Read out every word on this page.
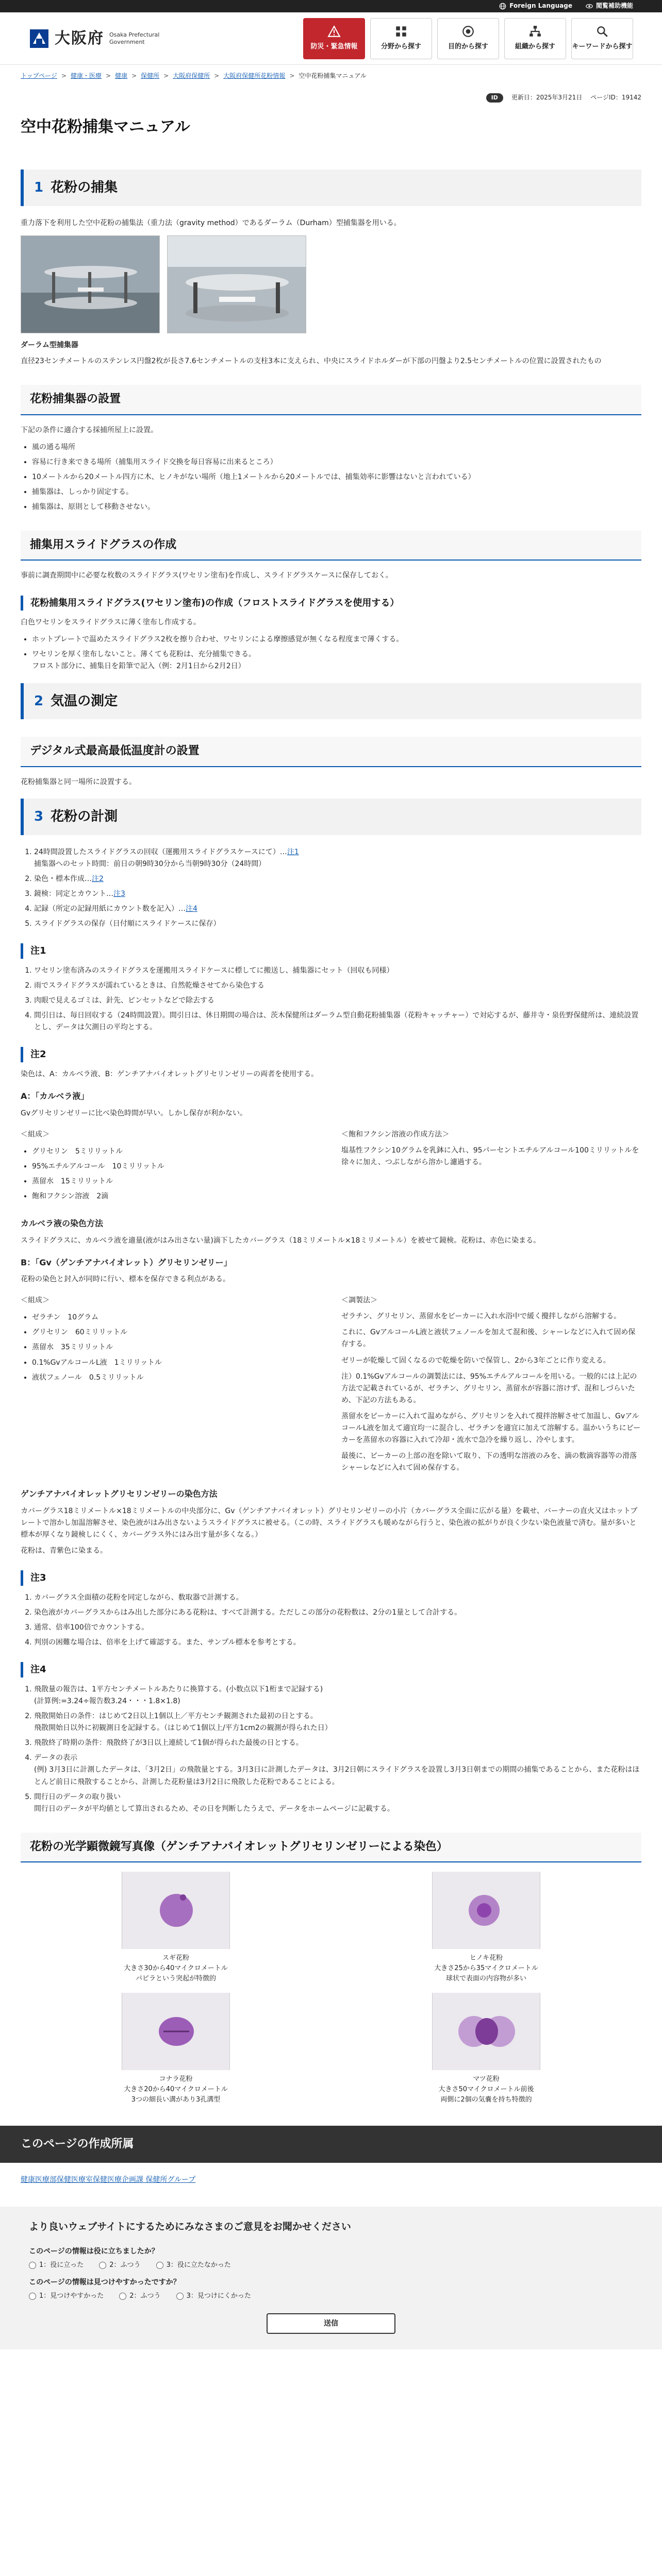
Foreign Language	閲覧補助機能
大阪府 Osaka Prefectural Government
防災・緊急情報	分野から探す	目的から探す	組織から探す キーワードから探す
トップページ > 健康・医療 > 健康 > 保健所 > 大阪府保健所 > 大阪府保健所花粉情報 > 空中花粉捕集マニュアル
ID	更新日：2025年3月21日 ページID：19142
空中花粉捕集マニュアル
1 花粉の捕集

重力落下を利用した空中花粉の捕集法（重力法（gravity method）であるダーラム（Durham）型捕集器を用いる。

ダーラム型捕集器

直径23センチメートルのステンレス円盤2枚が長さ7.6センチメートルの支柱3本に支えられ、中央にスライドホルダーが下部の円盤より2.5センチメートルの位置に設置されたもの

花粉捕集器の設置

下記の条件に適合する採捕所屋上に設置。

• 風の通る場所
• 容易に行き来できる場所（捕集用スライド交換を毎日容易に出来るところ）
• 10メートルから20メートル四方に木、ヒノキがない場所（地上1メートルから20メートルでは、捕集効率に影響はないと言われている）
• 捕集器は、しっかり固定する。
• 捕集器は、原則として移動させない。
捕集用スライドグラスの作成

事前に調査期間中に必要な枚数のスライドグラス(ワセリン塗布)を作成し、スライドグラスケースに保存しておく。

花粉捕集用スライドグラス(ワセリン塗布)の作成（フロストスライドグラスを使用する）

白色ワセリンをスライドグラスに薄く塗布し作成する。

• ホットプレートで温めたスライドグラス2枚を擦り合わせ、ワセリンによる摩擦感覚が無くなる程度まで薄くする。
• ワセリンを厚く塗布しないこと。薄くても花粉は、充分捕集できる。
フロスト部分に、捕集日を鉛筆で記入（例：2月1日から2月2日）
2 気温の測定
デジタル式最高最低温度計の設置

花粉捕集器と同一場所に設置する。

3 花粉の計測
1. 24時間設置したスライドグラスの回収（運搬用スライドグラスケースにて）…注1
捕集器へのセット時間：前日の朝9時30分から当朝9時30分（24時間）
2. 染色・標本作成…注2
3. 鏡検：同定とカウント…注3
4. 記録（所定の記録用紙にカウント数を記入）…注4
5. スライドグラスの保存（日付順にスライドケースに保存）
注1
1. ワセリン塗布済みのスライドグラスを運搬用スライドケースに標してに搬送し、捕集器にセット（回収も同様）
2. 雨でスライドグラスが濡れているときは、自然乾燥させてから染色する
3. 肉眼で見えるゴミは、針先、ピンセットなどで除去する
4. 間引日は、毎日回収する（24時間設置）。間引日は、休日期間の場合は、茨木保健所はダーラム型自動花粉捕集器（花粉キャッチャー）で対応するが、藤井寺・泉佐野保健所は、連続設置とし、データは欠測日の平均とする。
注2

染色は、A：カルベラ液、B：ゲンチアナバイオレットグリセリンゼリーの両者を使用する。

A：「カルベラ液」

Gvグリセリンゼリーに比べ染色時間が早い。しかし保存が利かない。

＜組成＞

• グリセリン　5ミリリットル
• 95%エチルアルコール　10ミリリットル
• 蒸留水　15ミリリットル
• 飽和フクシン溶液　2滴

＜飽和フクシン溶液の作成方法＞

塩基性フクシン10グラムを乳鉢に入れ、95パーセントエチルアルコール100ミリリットルを徐々に加え、つぶしながら溶かし濾過する。

カルベラ液の染色方法

スライドグラスに、カルベラ液を適量(液がはみ出さない量)滴下したカバーグラス（18ミリメートル×18ミリメートル）を被せて鏡検。花粉は、赤色に染まる。

B：「Gv（ゲンチアナバイオレット）グリセリンゼリー」

花粉の染色と封入が同時に行い、標本を保存できる利点がある。

＜組成＞

• ゼラチン　10グラム
• グリセリン　60ミリリットル
• 蒸留水　35ミリリットル
• 0.1%GvアルコールL液　1ミリリットル
• 液状フェノール　0.5ミリリットル

＜調製法＞

ゼラチン、グリセリン、蒸留水をビーカーに入れ水浴中で緩く攪拌しながら溶解する。

これに、GvアルコールL液と液状フェノールを加えて混和後、シャーレなどに入れて固め保存する。

ゼリーが乾燥して固くなるので乾燥を防いで保管し、2から3年ごとに作り変える。

注）0.1%Gvアルコールの調製法には、95%エチルアルコールを用いる。一般的には上記の方法で記載されているが、ゼラチン、グリセリン、蒸留水が容器に溶けず、混和しづらいため、下記の方法もある。

蒸留水をビーカーに入れて温めながら、グリセリンを入れて撹拌溶解させて加温し、GvアルコールL液を加えて適宜均一に混合し、ゼラチンを適宜に加えて溶解する。温かいうちにビーカーを蒸留水の容器に入れて冷却・流水で急冷を繰り返し、冷やします。

最後に、ビーカーの上部の泡を除いて取り、下の透明な溶液のみを、滴の数滴容器等の滑落シャーレなどに入れて固め保存する。

ゲンチアナバイオレットグリセリンゼリーの染色方法

カバーグラス18ミリメートル×18ミリメートルの中央部分に、Gv（ゲンチアナバイオレット）グリセリンゼリーの小片（カバーグラス全面に広がる量）を載せ、バーナーの直火又はホットプレートで溶かし加温溶解させ、染色液がはみ出さないようスライドグラスに被せる。（この時、スライドグラスも暖めながら行うと、染色液の拡がりが良く少ない染色液量で済む。量が多いと標本が厚くなり鏡検しにくく、カバーグラス外にはみ出す量が多くなる。）

花粉は、青紫色に染まる。

注3
1. カバーグラス全面積の花粉を同定しながら、数取器で計測する。
2. 染色液がカバーグラスからはみ出した部分にある花粉は、すべて計測する。ただしこの部分の花粉数は、2分の1量として合計する。
3. 通常、倍率100倍でカウントする。
4. 判別の困難な場合は、倍率を上げて確認する。また、サンプル標本を参考とする。
注4
1. 飛散量の報告は、1平方センチメートルあたりに換算する。(小数点以下1桁まで記録する)
(計算例:=3.24÷報告数3.24・・・1.8×1.8)
2. 飛散開始日の条件：はじめて2日以上1個以上／平方センチ観測された最初の日とする。
飛散開始日以外に初観測日を記録する。（はじめて1個以上/平方1cm2の観測が得られた日）
3. 飛散終了時期の条件：飛散終了が3日以上連続して1個が得られた最後の日とする。
4. データの表示
(例) 3月3日に計測したデータは、「3月2日」の飛散量とする。3月3日に計測したデータは、3月2日朝にスライドグラスを設置し3月3日朝までの期間の捕集であることから、また花粉はほとんど前日に飛散することから、計測した花粉量は3月2日に飛散した花粉であることによる。
5. 間行日のデータの取り扱い
間行日のデータが平均値として算出されるため、その日を判断したうえで、データをホームページに記載する。
花粉の光学顕微鏡写真像（ゲンチアナバイオレットグリセリンゼリーによる染色）
スギ花粉
大きさ30から40マイクロメートル
パピラという突起が特徴的
ヒノキ花粉
大きさ25から35マイクロメートル
球状で表面の内容物が多い
コナラ花粉
大きさ20から40マイクロメートル
3つの細長い溝があり3孔溝型
マツ花粉
大きさ50マイクロメートル前後
両側に2個の気嚢を持ち特徴的
このページの作成所属
健康医療部保健医療室保健医療企画課 保健所グループ
より良いウェブサイトにするためにみなさまのご意見をお聞かせください

このページの情報は役に立ちましたか？

1：役に立った	2：ふつう	3：役に立たなかった

このページの情報は見つけやすかったですか？

1：見つけやすかった	2：ふつう	3：見つけにくかった
送信
